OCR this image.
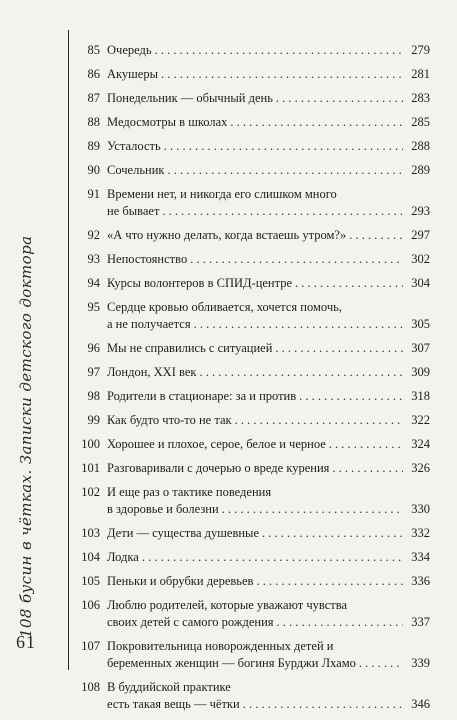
108 бусин в чётках. Записки детского доктора
61
85 Очередь . . .	279
86 Акушеры . . .	281
87 Понедельник — обычный день . . .	283
88 Медосмотры в школах . . .	285
89 Усталость . . .	288
90 Сочельник . . .	289
91 Времени нет, и никогда его слишком много
не бывает . . .	293
92 «А что нужно делать, когда встаешь утром?» . . .	297
93 Непостоянство . . .	302
94 Курсы волонтеров в СПИД-центре . . .	304
95 Сердце кровью обливается, хочется помочь,
а не получается . . .	305
96 Мы не справились с ситуацией . . .	307
97 Лондон, XXI век . . .	309
98 Родители в стационаре: за и против . . .	318
99 Как будто что-то не так . . .	322
100 Хорошее и плохое, серое, белое и черное . . .	324
101 Разговаривали с дочерью о вреде курения . . .	326
102 И еще раз о тактике поведения
в здоровье и болезни . . .	330
103 Дети — существа душевные . . .	332
104 Лодка . . .	334
105 Пеньки и обрубки деревьев . . .	336
106 Люблю родителей, которые уважают чувства
своих детей с самого рождения . . .	337
107 Покровительница новорожденных детей и
беременных женщин — богиня Бурджи Лхамо . . .	339
108 В буддийской практике
есть такая вещь — чётки . . .	346
